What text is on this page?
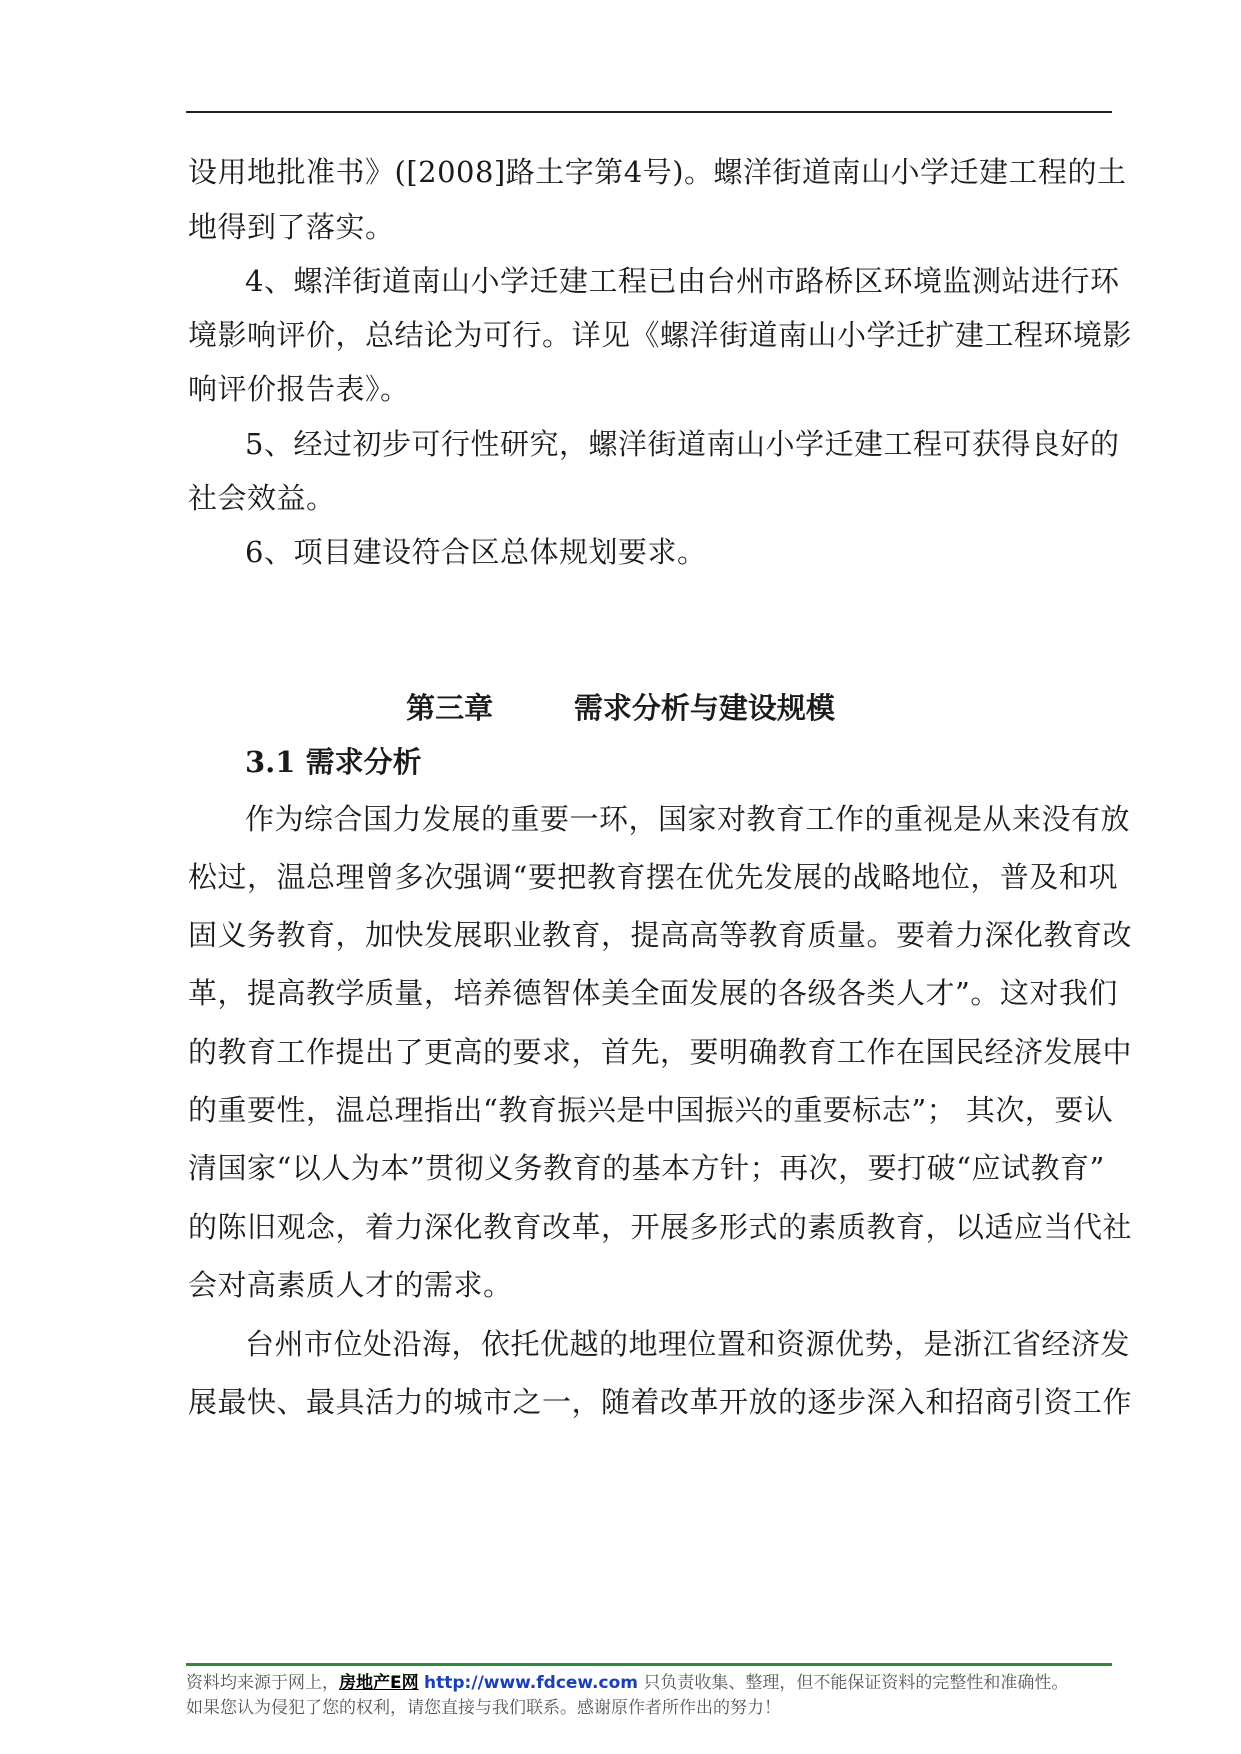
设用地批准书》([2008]路土字第4号)。螺洋街道南山小学迁建工程的土
地得到了落实。
4、螺洋街道南山小学迁建工程已由台州市路桥区环境监测站进行环
境影响评价，总结论为可行。详见《螺洋街道南山小学迁扩建工程环境影
响评价报告表》。
5、经过初步可行性研究，螺洋街道南山小学迁建工程可获得良好的
社会效益。
6、项目建设符合区总体规划要求。
第三章	需求分析与建设规模
3.1 需求分析
作为综合国力发展的重要一环，国家对教育工作的重视是从来没有放
松过，温总理曾多次强调“要把教育摆在优先发展的战略地位，普及和巩
固义务教育，加快发展职业教育，提高高等教育质量。要着力深化教育改
革，提高教学质量，培养德智体美全面发展的各级各类人才”。这对我们
的教育工作提出了更高的要求，首先，要明确教育工作在国民经济发展中
的重要性，温总理指出“教育振兴是中国振兴的重要标志”； 其次，要认
清国家“以人为本”贯彻义务教育的基本方针；再次，要打破“应试教育”
的陈旧观念，着力深化教育改革，开展多形式的素质教育，以适应当代社
会对高素质人才的需求。
台州市位处沿海，依托优越的地理位置和资源优势，是浙江省经济发
展最快、最具活力的城市之一，随着改革开放的逐步深入和招商引资工作
资料均来源于网上，房地产E网 http://www.fdcew.com 只负责收集、整理，但不能保证资料的完整性和准确性。
如果您认为侵犯了您的权利，请您直接与我们联系。感谢原作者所作出的努力！
